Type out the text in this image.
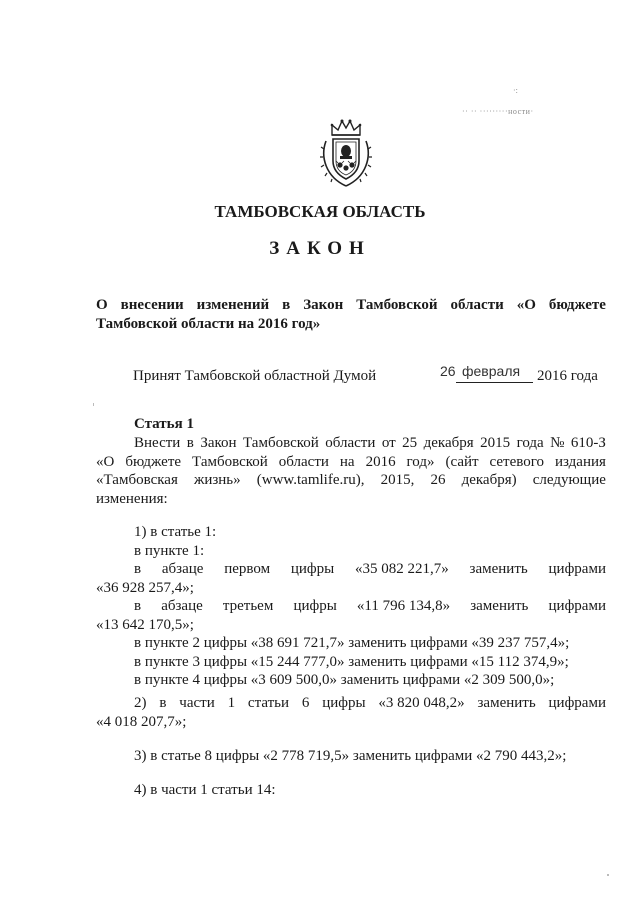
·:
·· ·· ·········ности·
ТАМБОВСКАЯ ОБЛАСТЬ
ЗАКОН
О внесении изменений в Закон Тамбовской области «О бюджете
Тамбовской области на 2016 год»
Принят Тамбовской областной Думой	26 февраля 2016 года
Статья 1
Внести в Закон Тамбовской области от 25 декабря 2015 года № 610-З
«О бюджете Тамбовской области на 2016 год» (сайт сетевого издания
«Тамбовская жизнь» (www.tamlife.ru), 2015, 26 декабря) следующие
изменения:
1) в статье 1:
в пункте 1:
в абзаце первом цифры «35 082 221,7» заменить цифрами
«36 928 257,4»;
в абзаце третьем цифры «11 796 134,8» заменить цифрами
«13 642 170,5»;
в пункте 2 цифры «38 691 721,7» заменить цифрами «39 237 757,4»;
в пункте 3 цифры «15 244 777,0» заменить цифрами «15 112 374,9»;
в пункте 4 цифры «3 609 500,0» заменить цифрами «2 309 500,0»;
2) в части 1 статьи 6 цифры «3 820 048,2» заменить цифрами
«4 018 207,7»;
3) в статье 8 цифры «2 778 719,5» заменить цифрами «2 790 443,2»;
4) в части 1 статьи 14:
